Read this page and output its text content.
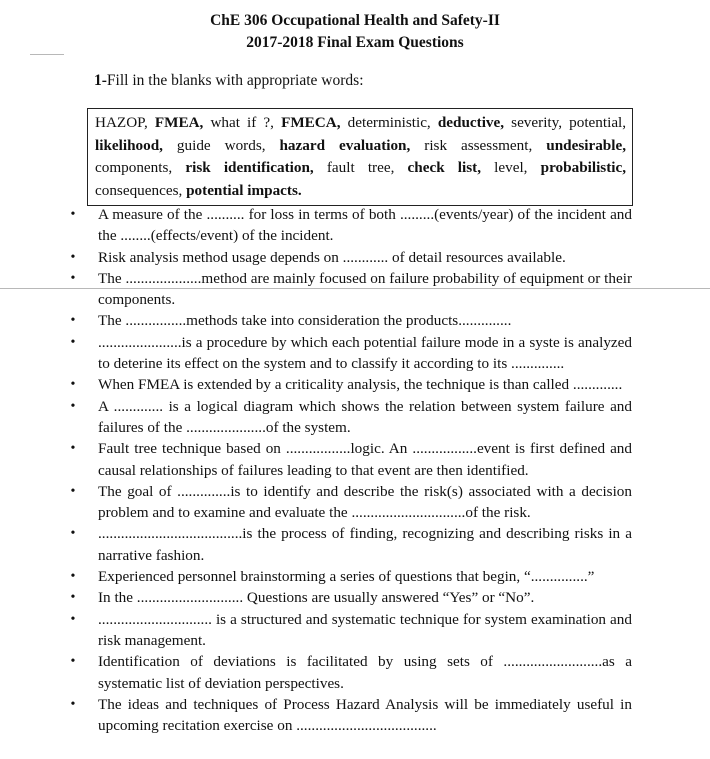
ChE 306 Occupational Health and Safety-II
2017-2018 Final Exam Questions
1-Fill in the blanks with appropriate words:
HAZOP, FMEA, what if ?, FMECA, deterministic, deductive, severity, potential, likelihood, guide words, hazard evaluation, risk assessment, undesirable, components, risk identification, fault tree, check list, level, probabilistic, consequences, potential impacts.
• A measure of the .......... for loss in terms of both .........(events/year) of the incident and the ........(effects/event) of the incident.
• Risk analysis method usage depends on ............ of detail resources available.
• The ....................method are mainly focused on failure probability of equipment or their components.
• The ................methods take into consideration the products..............
• ......................is a procedure by which each potential failure mode in a syste is analyzed to deterine its effect on the system and to classify it according to its ..............
• When FMEA is extended by a criticality analysis, the technique is than called .............
• A ............. is a logical diagram which shows the relation between system failure and failures of the .....................of the system.
• Fault tree technique based on .................logic. An .................event is first defined and causal relationships of failures leading to that event are then identified.
• The goal of ..............is to identify and describe the risk(s) associated with a decision problem and to examine and evaluate the ..............................of the risk.
• ......................................is the process of finding, recognizing and describing risks in a narrative fashion.
• Experienced personnel brainstorming a series of questions that begin, “...............”
• In the ............................ Questions are usually answered “Yes” or “No”.
• .............................. is a structured and systematic technique for system examination and risk management.
• Identification of deviations is facilitated by using sets of ..........................as a systematic list of deviation perspectives.
• The ideas and techniques of Process Hazard Analysis will be immediately useful in upcoming recitation exercise on .....................................
